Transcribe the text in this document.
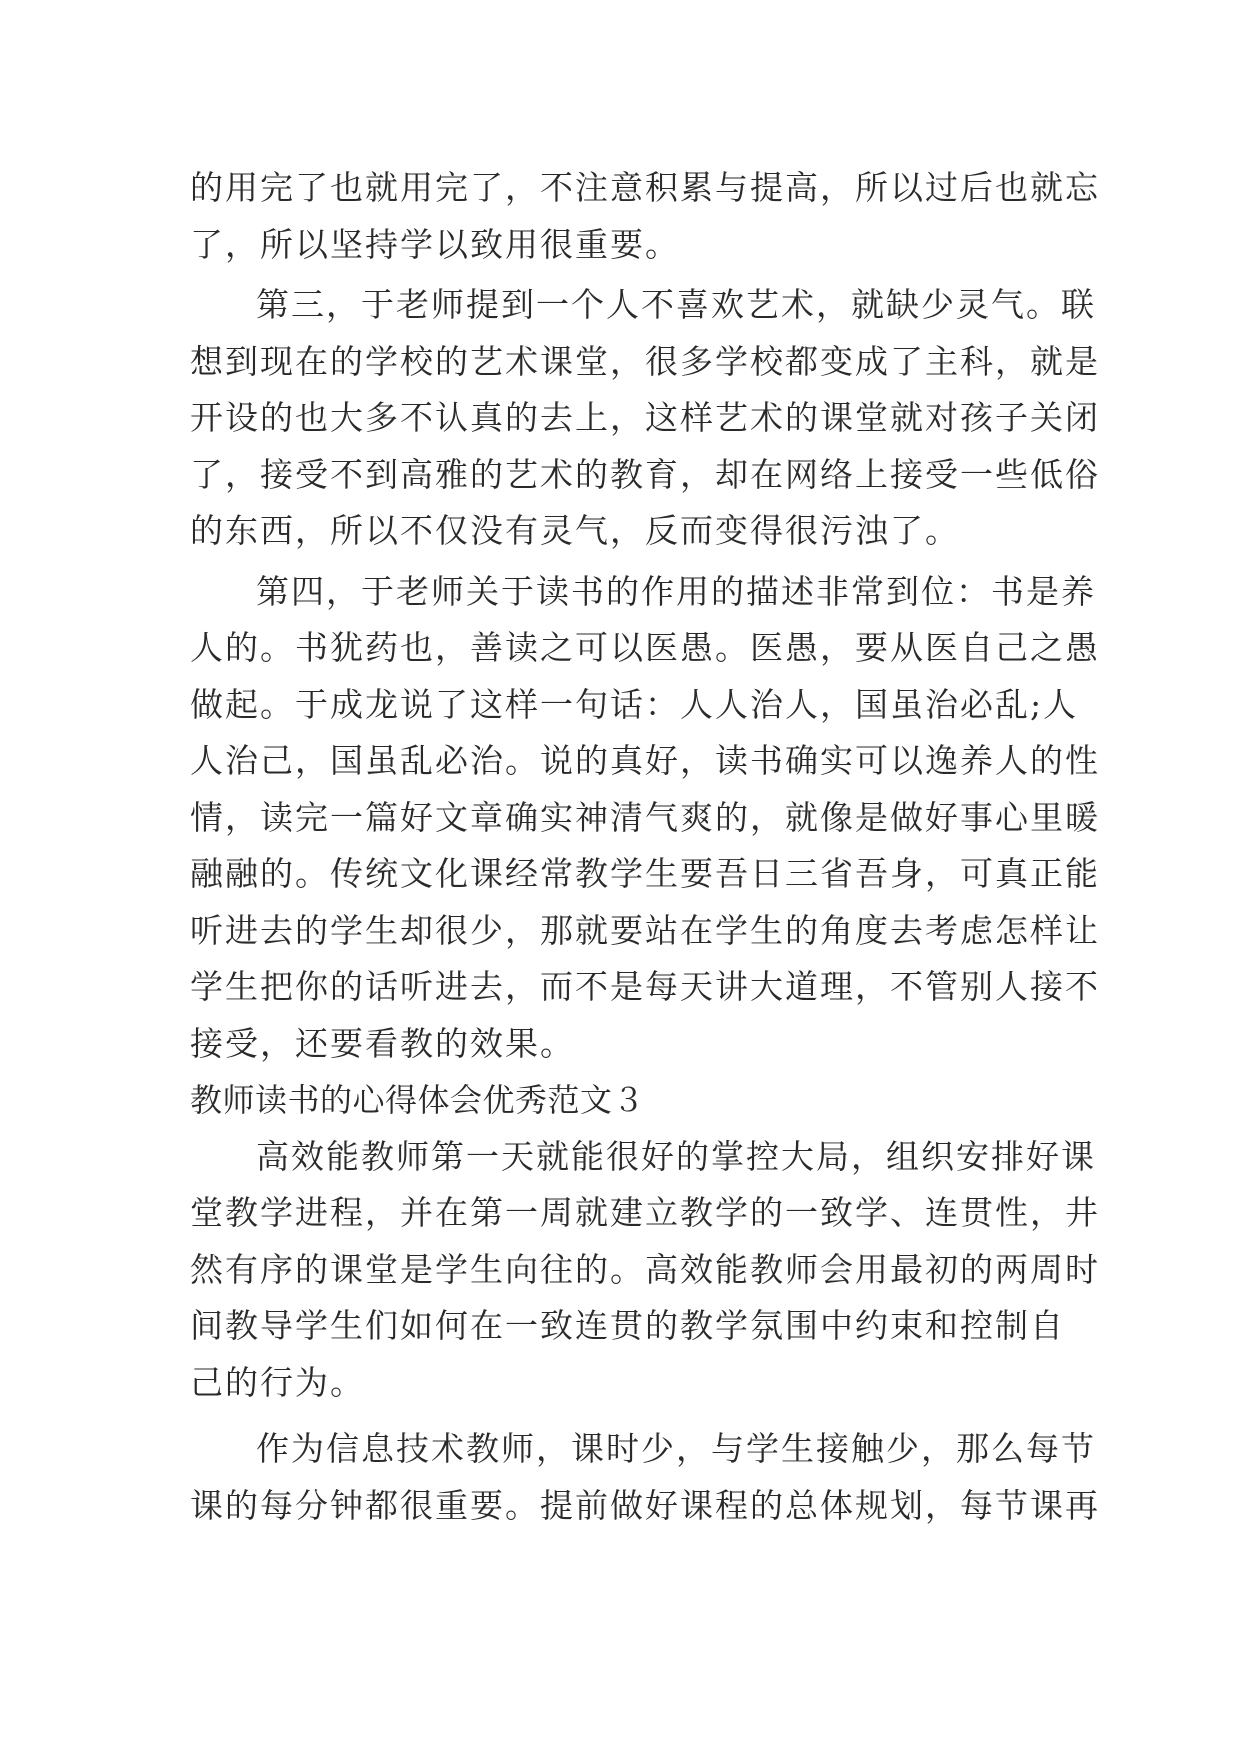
的用完了也就用完了，不注意积累与提高，所以过后也就忘
了，所以坚持学以致用很重要。
第三，于老师提到一个人不喜欢艺术，就缺少灵气。联
想到现在的学校的艺术课堂，很多学校都变成了主科，就是
开设的也大多不认真的去上，这样艺术的课堂就对孩子关闭
了，接受不到高雅的艺术的教育，却在网络上接受一些低俗
的东西，所以不仅没有灵气，反而变得很污浊了。
第四，于老师关于读书的作用的描述非常到位：书是养
人的。书犹药也，善读之可以医愚。医愚，要从医自己之愚
做起。于成龙说了这样一句话：人人治人，国虽治必乱;人
人治己，国虽乱必治。说的真好，读书确实可以逸养人的性
情，读完一篇好文章确实神清气爽的，就像是做好事心里暖
融融的。传统文化课经常教学生要吾日三省吾身，可真正能
听进去的学生却很少，那就要站在学生的角度去考虑怎样让
学生把你的话听进去，而不是每天讲大道理，不管别人接不
接受，还要看教的效果。
教师读书的心得体会优秀范文３
高效能教师第一天就能很好的掌控大局，组织安排好课
堂教学进程，并在第一周就建立教学的一致学、连贯性，井
然有序的课堂是学生向往的。高效能教师会用最初的两周时
间教导学生们如何在一致连贯的教学氛围中约束和控制自
己的行为。
作为信息技术教师，课时少，与学生接触少，那么每节
课的每分钟都很重要。提前做好课程的总体规划，每节课再
